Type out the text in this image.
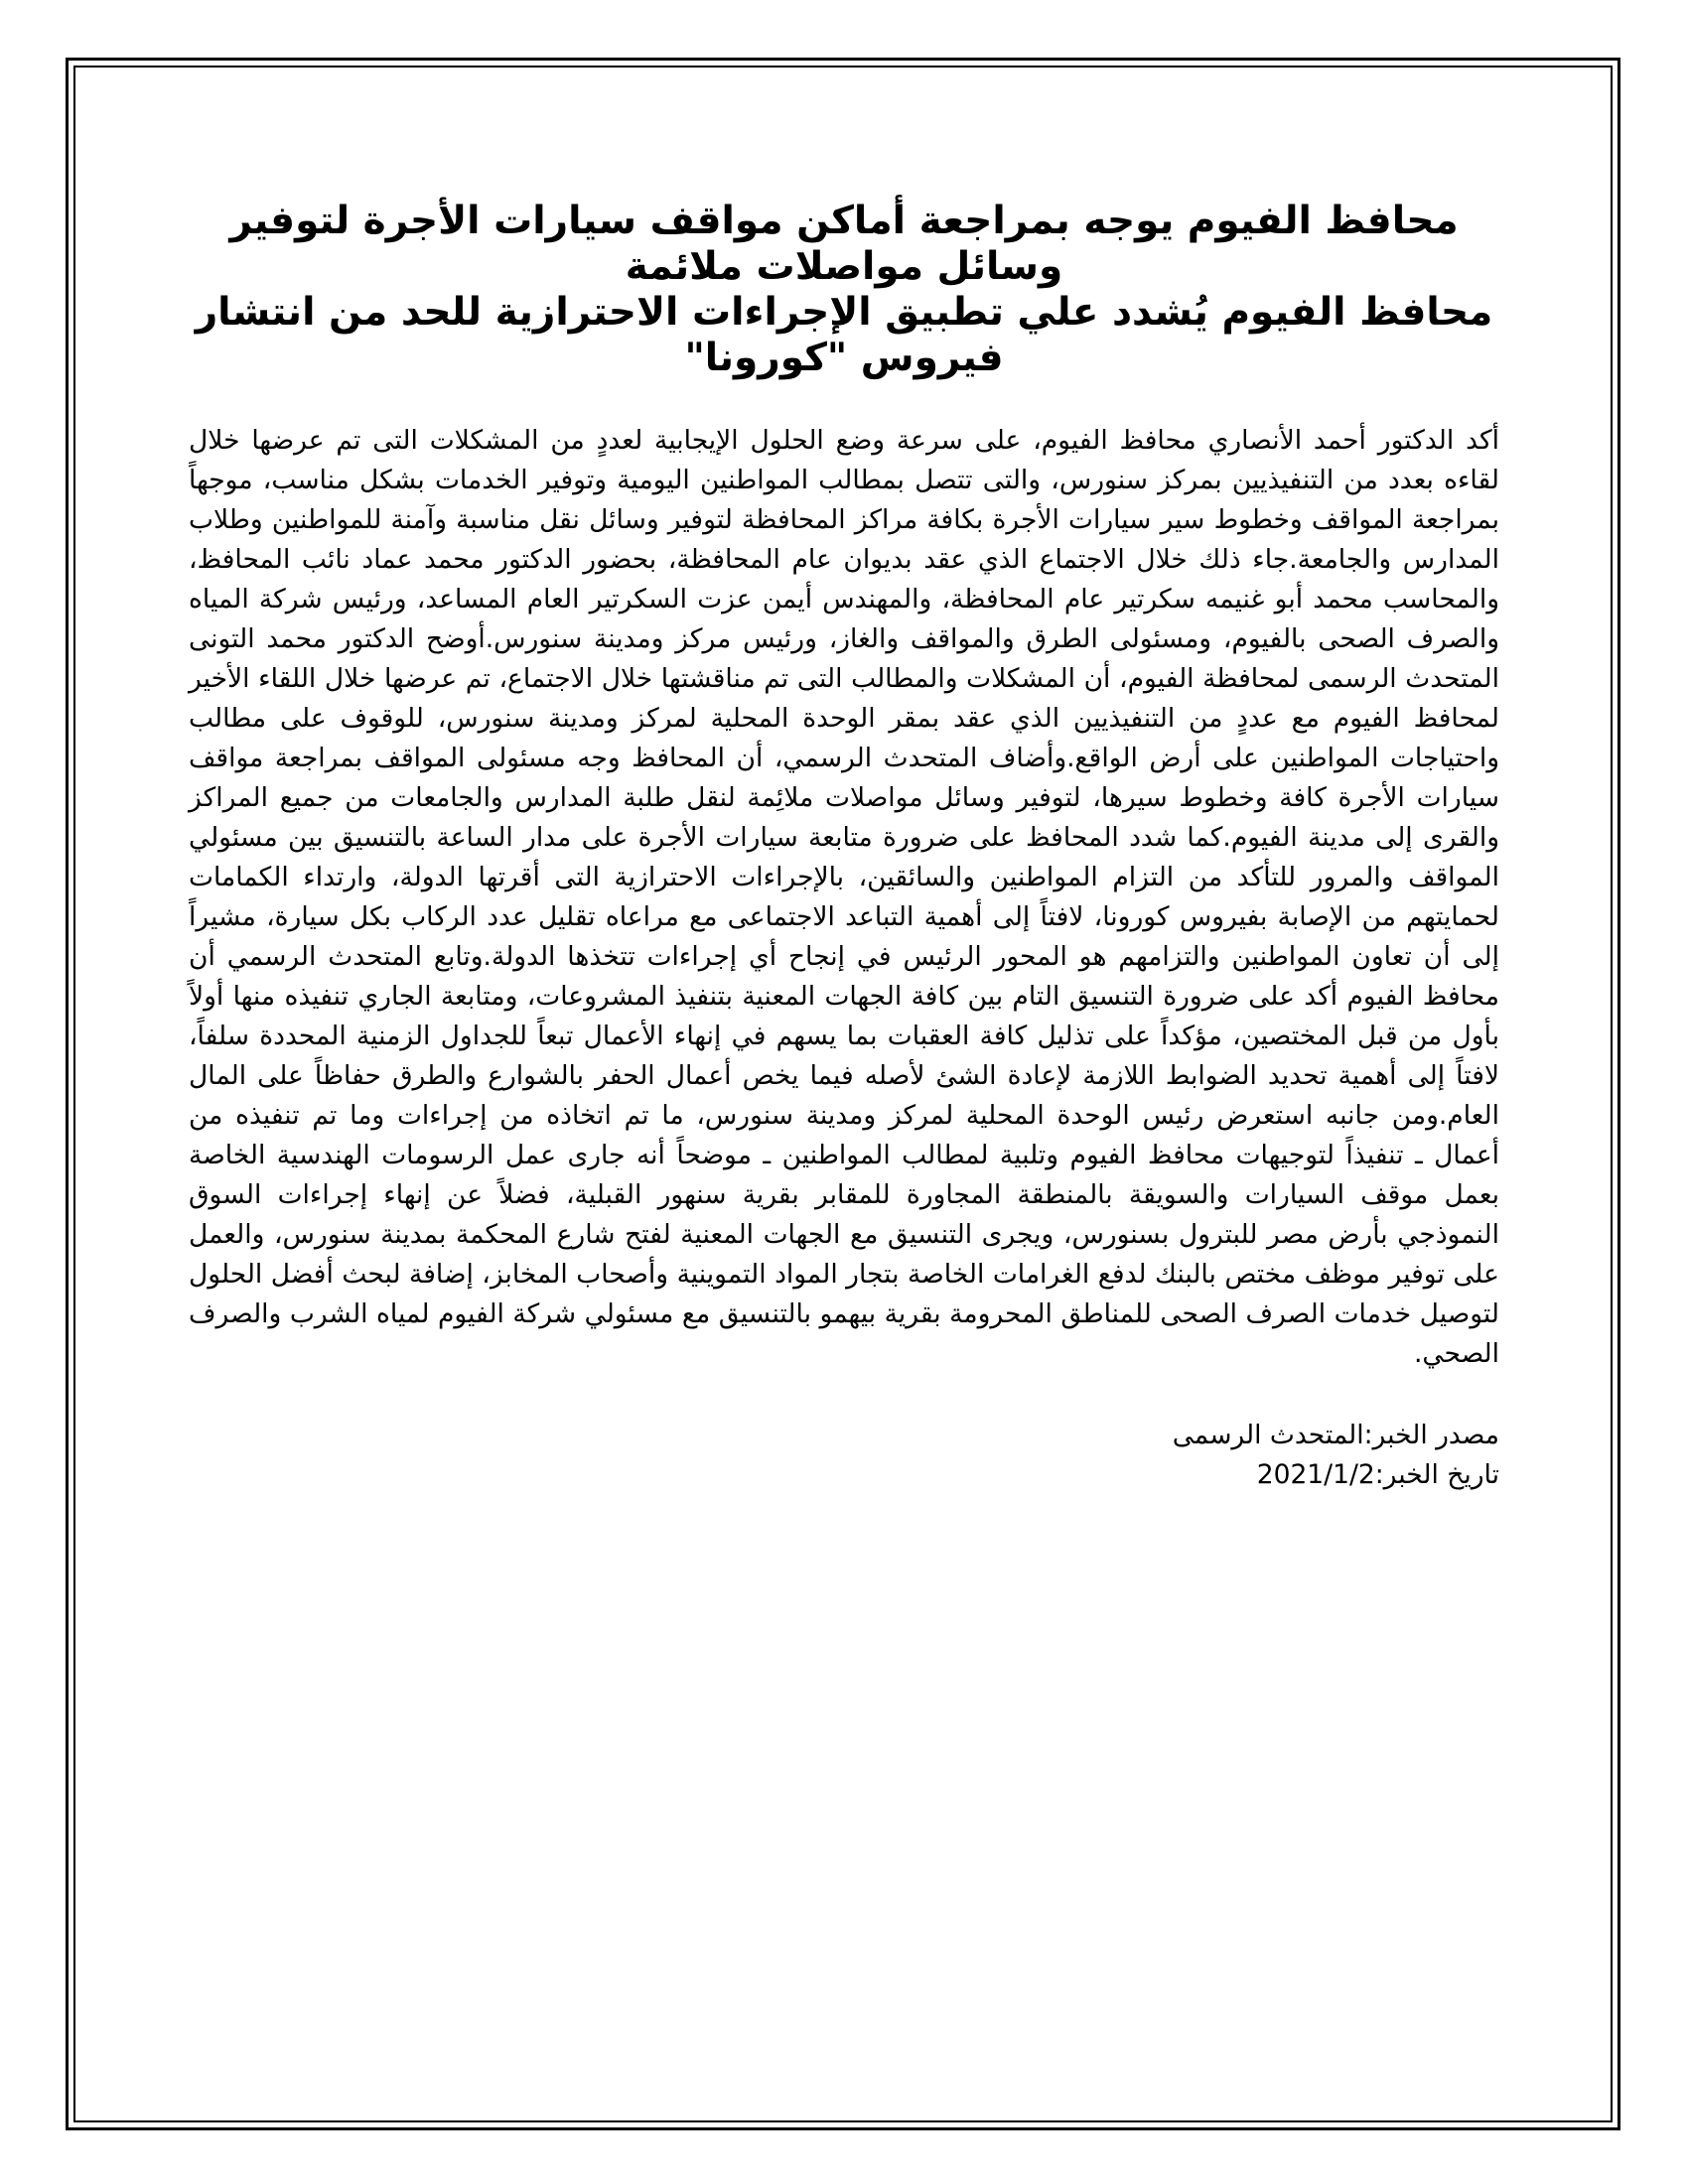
محافظ الفيوم يوجه بمراجعة أماكن مواقف سيارات الأجرة لتوفير وسائل مواصلات ملائمة
محافظ الفيوم يُشدد علي تطبيق الإجراءات الاحترازية للحد من انتشار فيروس "كورونا"

أكد الدكتور أحمد الأنصاري محافظ الفيوم، على سرعة وضع الحلول الإيجابية لعددٍ من المشكلات التى تم عرضها خلال لقاءه بعدد من التنفيذيين بمركز سنورس، والتى تتصل بمطالب المواطنين اليومية وتوفير الخدمات بشكل مناسب، موجهاً بمراجعة المواقف وخطوط سير سيارات الأجرة بكافة مراكز المحافظة لتوفير وسائل نقل مناسبة وآمنة للمواطنين وطلاب المدارس والجامعة.جاء ذلك خلال الاجتماع الذي عقد بديوان عام المحافظة، بحضور الدكتور محمد عماد نائب المحافظ، والمحاسب محمد أبو غنيمه سكرتير عام المحافظة، والمهندس أيمن عزت السكرتير العام المساعد، ورئيس شركة المياه والصرف الصحى بالفيوم، ومسئولى الطرق والمواقف والغاز، ورئيس مركز ومدينة سنورس.أوضح الدكتور محمد التونى المتحدث الرسمى لمحافظة الفيوم، أن المشكلات والمطالب التى تم مناقشتها خلال الاجتماع، تم عرضها خلال اللقاء الأخير لمحافظ الفيوم مع عددٍ من التنفيذيين الذي عقد بمقر الوحدة المحلية لمركز ومدينة سنورس، للوقوف على مطالب واحتياجات المواطنين على أرض الواقع.وأضاف المتحدث الرسمي، أن المحافظ وجه مسئولى المواقف بمراجعة مواقف سيارات الأجرة كافة وخطوط سيرها، لتوفير وسائل مواصلات ملائِمة لنقل طلبة المدارس والجامعات من جميع المراكز والقرى إلى مدينة الفيوم.كما شدد المحافظ على ضرورة متابعة سيارات الأجرة على مدار الساعة بالتنسيق بين مسئولي المواقف والمرور للتأكد من التزام المواطنين والسائقين، بالإجراءات الاحترازية التى أقرتها الدولة، وارتداء الكمامات لحمايتهم من الإصابة بفيروس كورونا، لافتاً إلى أهمية التباعد الاجتماعى مع مراعاه تقليل عدد الركاب بكل سيارة، مشيراً إلى أن تعاون المواطنين والتزامهم هو المحور الرئيس في إنجاح أي إجراءات تتخذها الدولة.وتابع المتحدث الرسمي أن محافظ الفيوم أكد على ضرورة التنسيق التام بين كافة الجهات المعنية بتنفيذ المشروعات، ومتابعة الجاري تنفيذه منها أولاً بأول من قبل المختصين، مؤكداً على تذليل كافة العقبات بما يسهم في إنهاء الأعمال تبعاً للجداول الزمنية المحددة سلفاً، لافتاً إلى أهمية تحديد الضوابط اللازمة لإعادة الشئ لأصله فيما يخص أعمال الحفر بالشوارع والطرق حفاظاً على المال العام.ومن جانبه استعرض رئيس الوحدة المحلية لمركز ومدينة سنورس، ما تم اتخاذه من إجراءات وما تم تنفيذه من أعمال ـ تنفيذاً لتوجيهات محافظ الفيوم وتلبية لمطالب المواطنين ـ موضحاً أنه جارى عمل الرسومات الهندسية الخاصة بعمل موقف السيارات والسويقة بالمنطقة المجاورة للمقابر بقرية سنهور القبلية، فضلاً عن إنهاء إجراءات السوق النموذجي بأرض مصر للبترول بسنورس، ويجرى التنسيق مع الجهات المعنية لفتح شارع المحكمة بمدينة سنورس، والعمل على توفير موظف مختص بالبنك لدفع الغرامات الخاصة بتجار المواد التموينية وأصحاب المخابز، إضافة لبحث أفضل الحلول لتوصيل خدمات الصرف الصحى للمناطق المحرومة بقرية بيهمو بالتنسيق مع مسئولي شركة الفيوم لمياه الشرب والصرف الصحي.

مصدر الخبر:المتحدث الرسمى
تاريخ الخبر:2021/1/2
